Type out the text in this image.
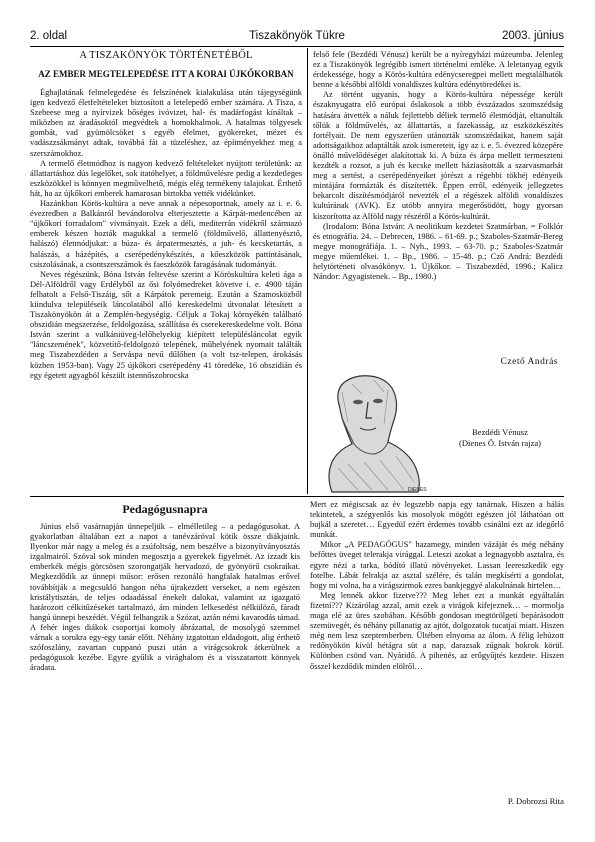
2. oldal	Tiszakönyök Tükre	2003. június
A TISZAKÖNYÖK TÖRTÉNETÉBŐL
AZ EMBER MEGTELEPEDÉSE ITT A KORAI ÚJKŐKORBAN

Éghajlatának felmelegedése és felszínének kialakulása után tájegységünk igen kedvező életfeltételeket biztosított a letelepedő ember számára. A Tisza, a Szebeese meg a nyírvizek bőséges ivóvizet, hal- és madárfogást kínáltak – miközben az áradásoktól megvédtek a homokhalmok. A hatalmas tölgyesek gombát, vad gyümölcsöket s egyéb élelmet, gyökereket, mézet és vadászzsákmányt adtak, továbbá fát a tüzeléshez, az építményekhez meg a szerszámokhoz.

A termelő életmódhoz is nagyon kedvező feltételeket nyújtott területünk: az állattartáshoz dús legelőket, sok itatóhelyet, a földművelésre pedig a kezdetleges eszközökkel is könnyen megművelhető, mégis elég termékeny talajokat. Érthető hát, ha az újkőkori emberek hamarosan birtokba vették vidékünket.

Hazánkban Körös-kultúra a neve annak a népesoportnak, amely az i. e. 6. évezredben a Balkánról bevándorolva elterjesztette a Kárpát-medencében az "újkőkori forradalom" vívmányait. Ezek a déli, mediterrán vidékről származó emberek készen hozták magukkal a termelő (földművelő, állattenyésztő, halászó) életmódjukat: a búza- és árpatermesztés, a juh- és kecsketartás, a halászás, a házépítés, a cserépedénykészítés, a kőeszközök pattintásának, csiszolásának, a csontszerszámok és faeszközök faragásának tudományát.

Neves régészünk, Bóna István feltevése szerint a Köröskultúra keleti ága a Dél-Alföldről vagy Erdélyből az ősi folyómedreket követve i. e. 4900 táján felhatolt a Felső-Tiszáig, sőt a Kárpátok peremeig. Ezután a Szamosközből kiindulva településeik láncolatából alló kereskedelmi útvonalat létesített a Tiszakönyökön át a Zemplén-hegységig. Céljuk a Tokaj környékén található obszidián megszerzése, feldolgozása, szállítása és cserekereskedelme volt. Bóna István szerint a vulkániüveg-lelőhelyekig kiépített településláncolat egyik "láncszemének", közvetítő-feldolgozó telepének, műhelyének nyomait találták meg Tiszabezdéden a Serváspa nevű dűlőben (a volt tsz-telepen, árokásás közben 1953-ban). Vagy 25 újkőkori cserépedény 41 töredéke, 16 obszidián és egy égetett agyagból készült istennőszobrocska

felső fele (Bezdédi Vénusz) került be a nyíregyházi múzeumba. Jelenleg ez a Tiszakönyök legrégibb ismert történelmi emléke. A leletanyag egyik érdekessége, hogy a Körös-kultúra edénycseregpei mellett megtalálhatók benne a későbbi alföldi vonaldíszes kultúra edénytöredékei is.

Az történt ugyanis, hogy a Körös-kultúra népessége került északnyugatra elő európai őslakosok a több évszázados szomszédság hatására átvették a náluk fejlettebb déliek termelő életmódját, eltanulták tőlük a földművelés, az állattartás, a fazekasság, az eszközkészítés fortélyait. De nem egyszerűen utánozták szomszédaikat, hanem saját adottságaikhoz adaptálták azok ismereteit, így az i. e. 5. évezred közepére önálló művelődéséget alakítottak ki. A búza és árpa mellett termeszteni kezdték a rozsot, a juh és kecske mellett háziasították a szarvasmarhát meg a sertést, a cserépedényeiket jórészt a régebbi tökhéj edényeik mintájára formázták és díszítették. Éppen erről, edényeik jellegzetes bekarcolt díszítésmódjáról nevezték el a régészek alföldi vonaldíszes kultúrának (AVK). Ez utóbb annyira megerősödött, hogy gyorsan kiszorította az Alföld nagy részéről a Körös-kultúrát.

(Irodalom: Bóna István: A neolitikum kezdetei Szatmárban. = Folklór és etnográfia. 24. – Debrecen, 1986. – 61-69. p.; Szaboles-Szatmár-Bereg megye monográfiája. 1. – Nyh., 1993. – 63-70. p.; Szaboles-Szatmár megye műemlékei. 1. – Bp., 1986. – 15-48. p.; Cző Andrá: Bezdédi helytörténeti olvasókönyv. 1. Újkőkor. – Tiszabezdéd, 1996.; Kalicz Nándor: Agyagistenek. – Bp., 1980.)

Czető András
DIENES
Bezdédi Vénusz
(Dienes Ö. István rajza)
Pedagógusnapra

Június első vasárnapján ünnepeljük – elmélletileg – a pedagógusokat. A gyakorlatban általában ezt a napot a tanévzáróval kötik össze diákjaink. Ilyenkor már nagy a meleg és a zsúfoltság, nem beszélve a bizonyítványosztás izgalmairól. Szóval sok minden megosztja a gyerekek figyelmét. Az izzadt kis emberkék mégis görcsösen szorongatják hervadozó, de gyönyörű csokraikat. Megkezdődik az ünnepi műsor: erősen rezonáló hangfalak hatalmas erővel továbbítják a megcsukló hangon néha újrakezdett verseket, a nem egészen kristálytisztán, de teljes odaadással énekelt dalokat, valamint az igazgató határozott célkitűzéseket tartalmazó, ám minden lelkesedést nélkülöző, fáradt hangú ünnepi beszédét. Végül felhangzik a Szózat, aztán némi kavarodás támad. A fehér inges diákok csoportjai komoly ábrázattal, de mosolygó szemmel várnak a sorukra egy-egy tanár előtt. Néhány izgatottan eldadogott, alig érthető szófoszlány, zavartan cuppanó puszi után a virágcsokrok átkerülnek a pedagógusok kezébe. Egyre gyűlik a virághalom és a visszatartott könnyek áradata.

Mert ez mégiscsak az év legszebb napja egy tanárnak. Hiszen a hálás tekintetek, a szégyenlős kis mosolyok mögött egészen jól láthatóan ott bujkál a szeretet… Egyedül ezért érdemes tovább csinálni ezt az idegőrlő munkát.

Mikor „A PEDAGÓGUS" hazamegy, minden vázáját és még néhány befőttes üveget telerakja virággal. Leteszi azokat a legnagyobb asztalra, és egyre nézi a tarka, bódító illatú növényeket. Lassan leereszkedik egy fotelbe. Lábát felrakja az asztal szélére, és talán megkísérti a gondolat, hogy mi volna, ha a virágszirmok ezres bankjeggyé alakulnának hirtelen…

Meg lennék akkor fizetve??? Meg lehet ezt a munkát egyáltalán fizetni??? Kizárólag azzal, amit ezek a virágok kifejeznek… – mormolja maga elé az üres szobában. Később gondosan megtörölgeti bepárásodott szemüvegét, és néhány pillanatig az ajtót, dolgozatok tucatjai miatt. Hiszen még nem lesz szeptemberben. Ültében elnyoma az álom. A félig lehúzott redőnyökön kívül hétágra süt a nap, darazsak zúgnak bokrok körül. Különben csönd van. Nyáridő. A pihenés, az erőgyűjtés kezdete. Hiszen ősszel kezdődik minden elölről…

P. Dobrozsi Rita
